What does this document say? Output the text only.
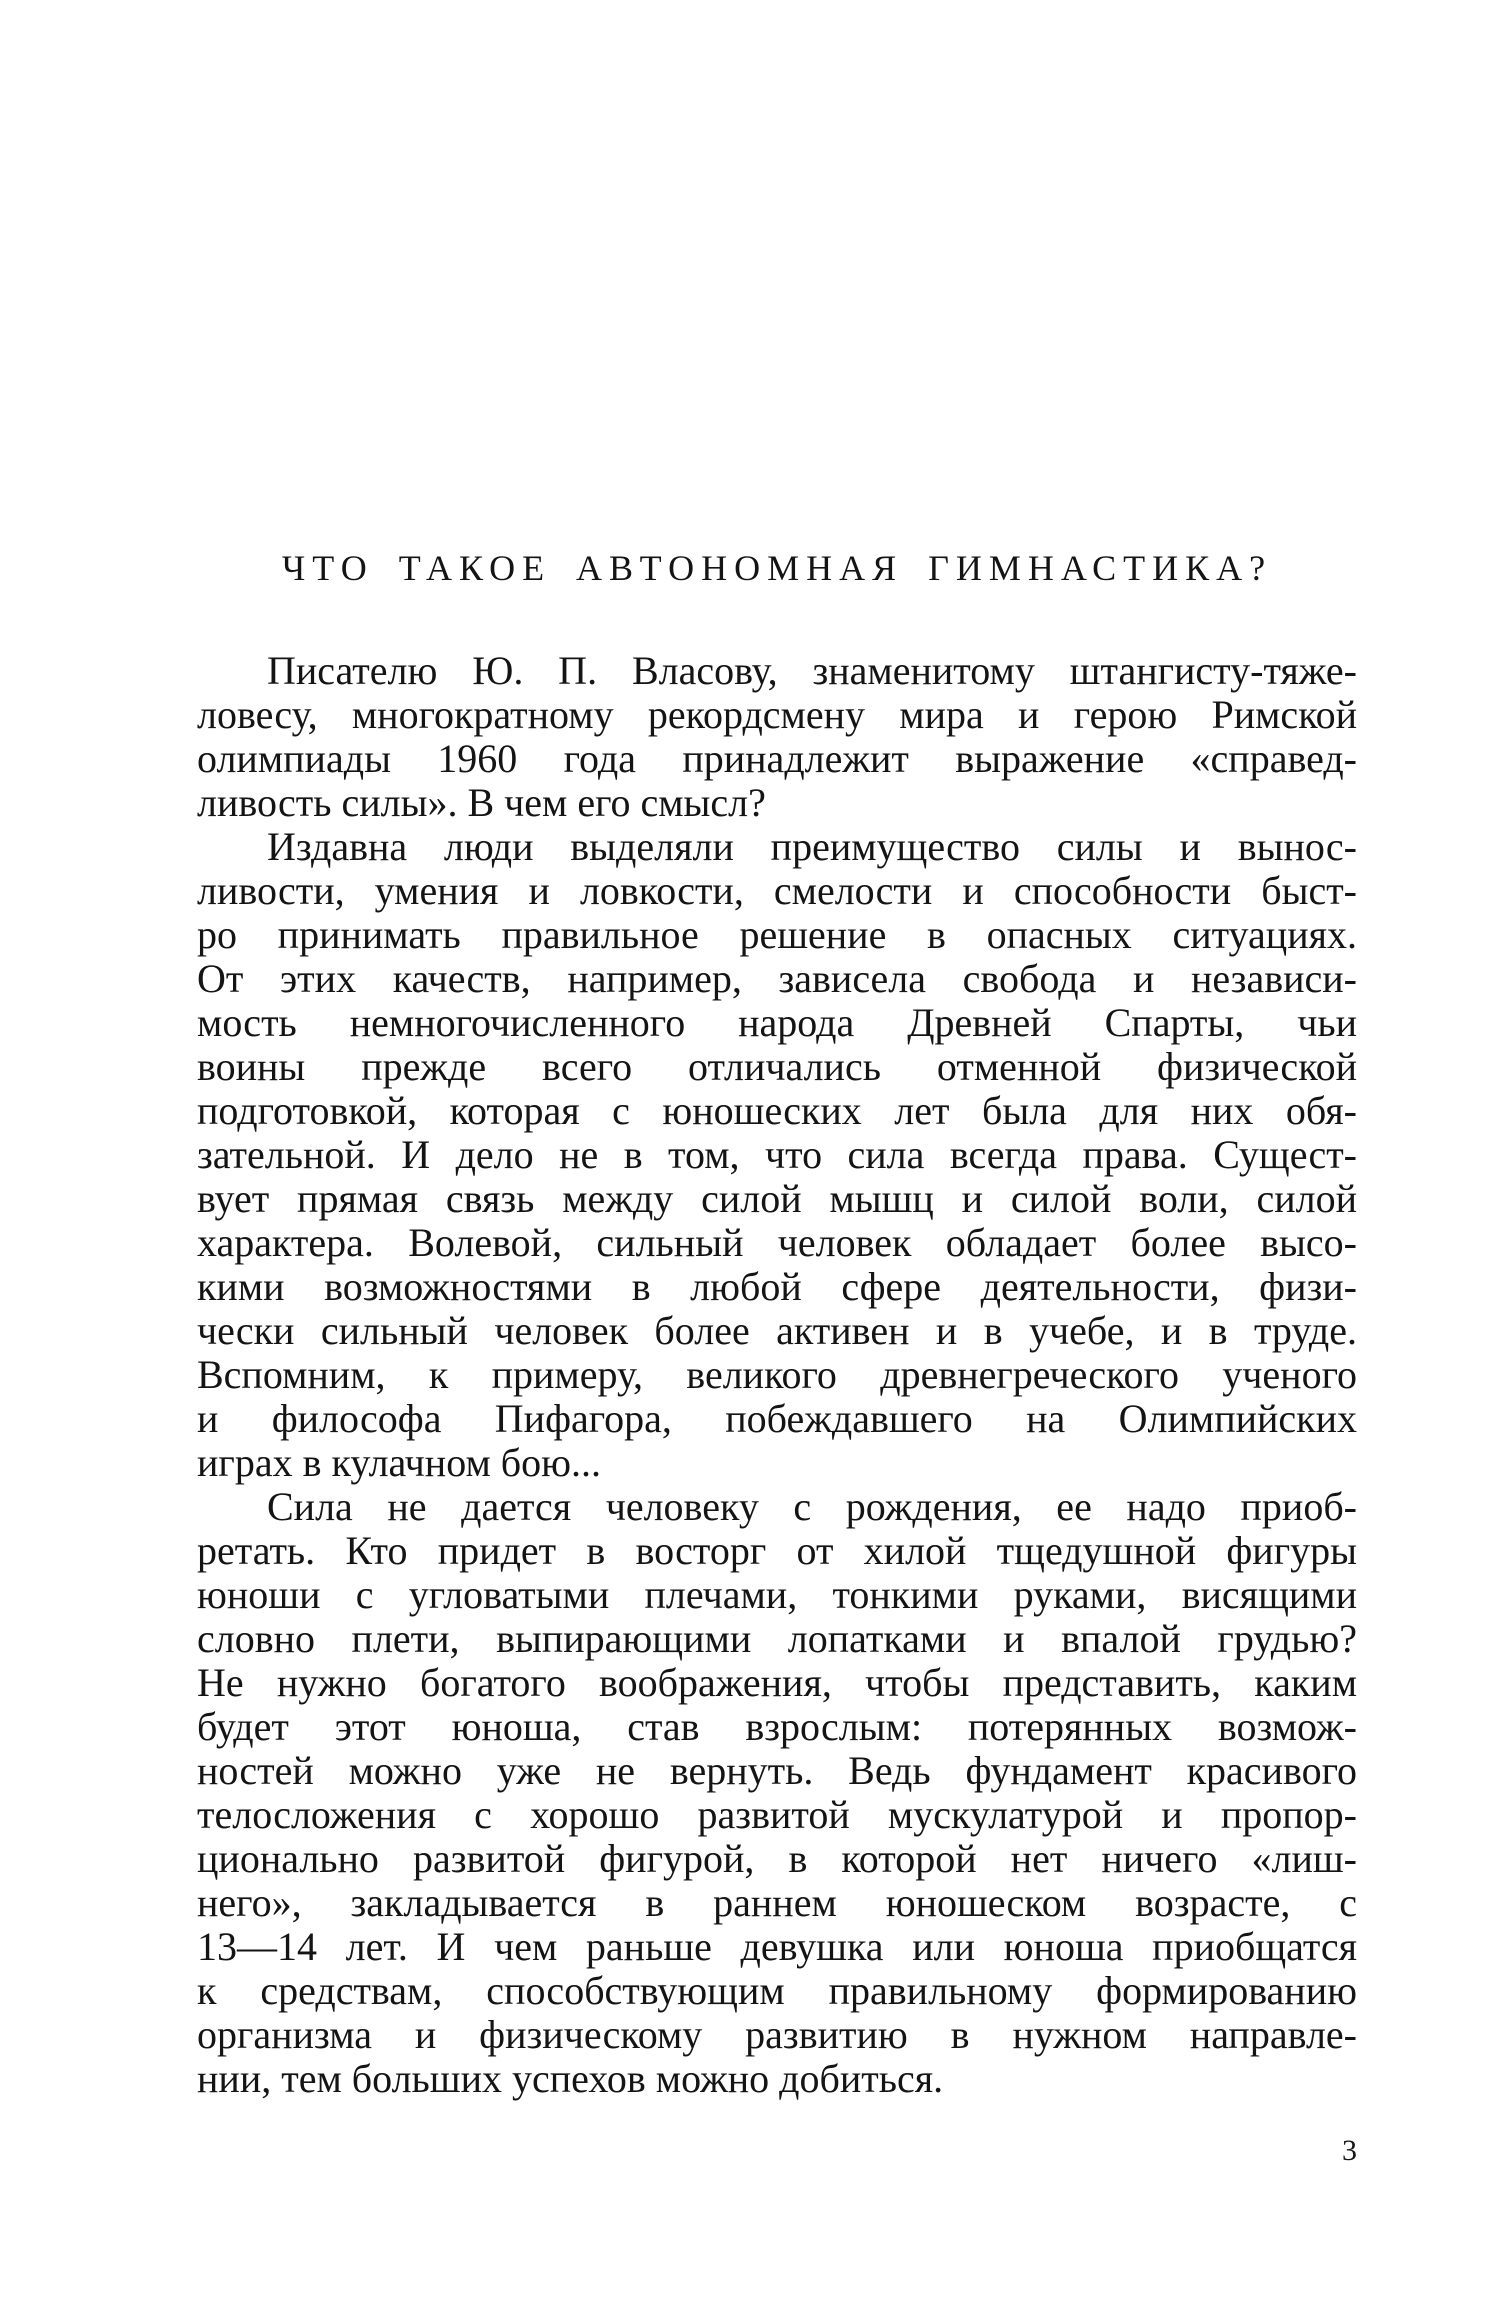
ЧТО ТАКОЕ АВТОНОМНАЯ ГИМНАСТИКА?
Писателю Ю. П. Власову, знаменитому штангисту-тяже-
ловесу, многократному рекордсмену мира и герою Римской
олимпиады 1960 года принадлежит выражение «справед-
ливость силы». В чем его смысл?
Издавна люди выделяли преимущество силы и вынос-
ливости, умения и ловкости, смелости и способности быст-
ро принимать правильное решение в опасных ситуациях.
От этих качеств, например, зависела свобода и независи-
мость немногочисленного народа Древней Спарты, чьи
воины прежде всего отличались отменной физической
подготовкой, которая с юношеских лет была для них обя-
зательной. И дело не в том, что сила всегда права. Сущест-
вует прямая связь между силой мышц и силой воли, силой
характера. Волевой, сильный человек обладает более высо-
кими возможностями в любой сфере деятельности, физи-
чески сильный человек более активен и в учебе, и в труде.
Вспомним, к примеру, великого древнегреческого ученого
и философа Пифагора, побеждавшего на Олимпийских
играх в кулачном бою...
Сила не дается человеку с рождения, ее надо приоб-
ретать. Кто придет в восторг от хилой тщедушной фигуры
юноши с угловатыми плечами, тонкими руками, висящими
словно плети, выпирающими лопатками и впалой грудью?
Не нужно богатого воображения, чтобы представить, каким
будет этот юноша, став взрослым: потерянных возмож-
ностей можно уже не вернуть. Ведь фундамент красивого
телосложения с хорошо развитой мускулатурой и пропор-
ционально развитой фигурой, в которой нет ничего «лиш-
него», закладывается в раннем юношеском возрасте, с
13—14 лет. И чем раньше девушка или юноша приобщатся
к средствам, способствующим правильному формированию
организма и физическому развитию в нужном направле-
нии, тем больших успехов можно добиться.
3
